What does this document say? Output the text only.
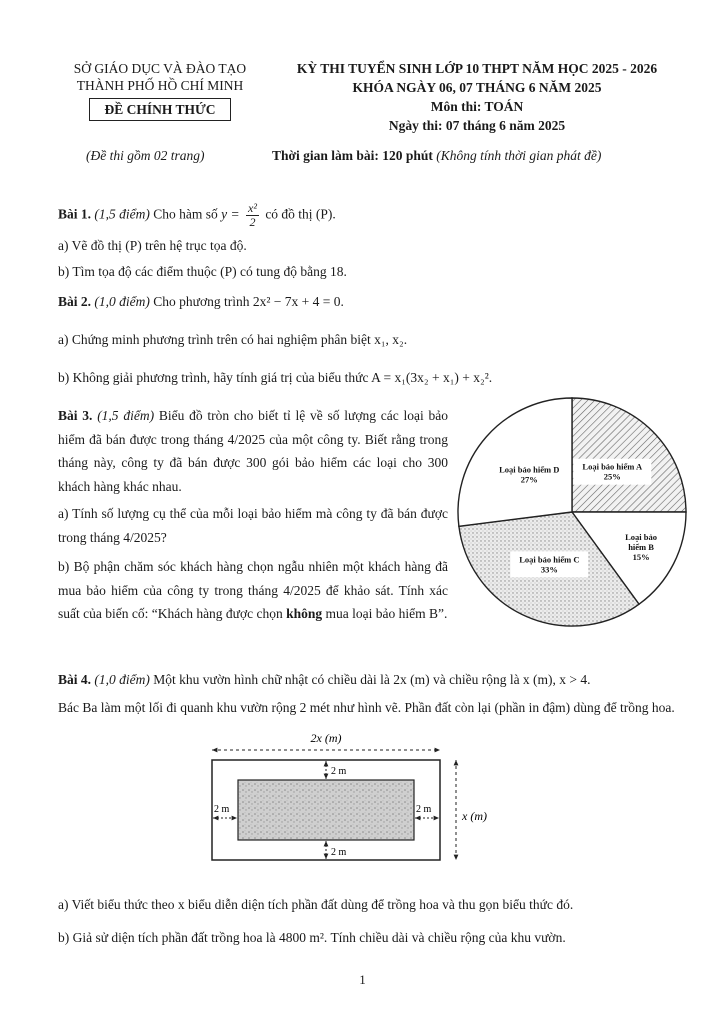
SỞ GIÁO DỤC VÀ ĐÀO TẠO
THÀNH PHỐ HỒ CHÍ MINH
ĐỀ CHÍNH THỨC
(Đề thi gồm 02 trang)
KỲ THI TUYỂN SINH LỚP 10 THPT NĂM HỌC 2025 - 2026
KHÓA NGÀY 06, 07 THÁNG 6 NĂM 2025
Môn thi: TOÁN
Ngày thi: 07 tháng 6 năm 2025
Thời gian làm bài: 120 phút (Không tính thời gian phát đề)
Bài 1. (1,5 điểm) Cho hàm số $y = \frac{\text{x²}}{2}$ có đồ thị (P).
a) Vẽ đồ thị (P) trên hệ trục tọa độ.
b) Tìm tọa độ các điểm thuộc (P) có tung độ bằng 18.
Bài 2. (1,0 điểm) Cho phương trình 2x² − 7x + 4 = 0.
a) Chứng minh phương trình trên có hai nghiệm phân biệt x₁, x₂.
b) Không giải phương trình, hãy tính giá trị của biểu thức A = x₁(3x₂ + x₁) + x₂².
Bài 3. (1,5 điểm) Biểu đồ tròn cho biết tỉ lệ về số lượng các loại bảo hiểm đã bán được trong tháng 4/2025 của một công ty. Biết rằng trong tháng này, công ty đã bán được 300 gói bảo hiểm các loại cho 300 khách hàng khác nhau.
a) Tính số lượng cụ thể của mỗi loại bảo hiểm mà công ty đã bán được trong tháng 4/2025?
b) Bộ phận chăm sóc khách hàng chọn ngẫu nhiên một khách hàng đã mua bảo hiểm của công ty trong tháng 4/2025 để khảo sát. Tính xác suất của biến cố: “Khách hàng được chọn không mua loại bảo hiểm B”.
Loại bảo hiểm A
25%
Loại bảo
hiểm B
15%
Loại bảo hiểm C
33%
Loại bảo hiểm D
27%
Bài 4. (1,0 điểm) Một khu vườn hình chữ nhật có chiều dài là 2x (m) và chiều rộng là x (m), x > 4.
Bác Ba làm một lối đi quanh khu vườn rộng 2 mét như hình vẽ. Phần đất còn lại (phần in đậm) dùng để trồng hoa.
2x (m)
2 m
2 m
2 m	2 m	x (m)
a) Viết biểu thức theo x biểu diễn diện tích phần đất dùng để trồng hoa và thu gọn biểu thức đó.
b) Giả sử diện tích phần đất trồng hoa là 4800 m². Tính chiều dài và chiều rộng của khu vườn.
1
